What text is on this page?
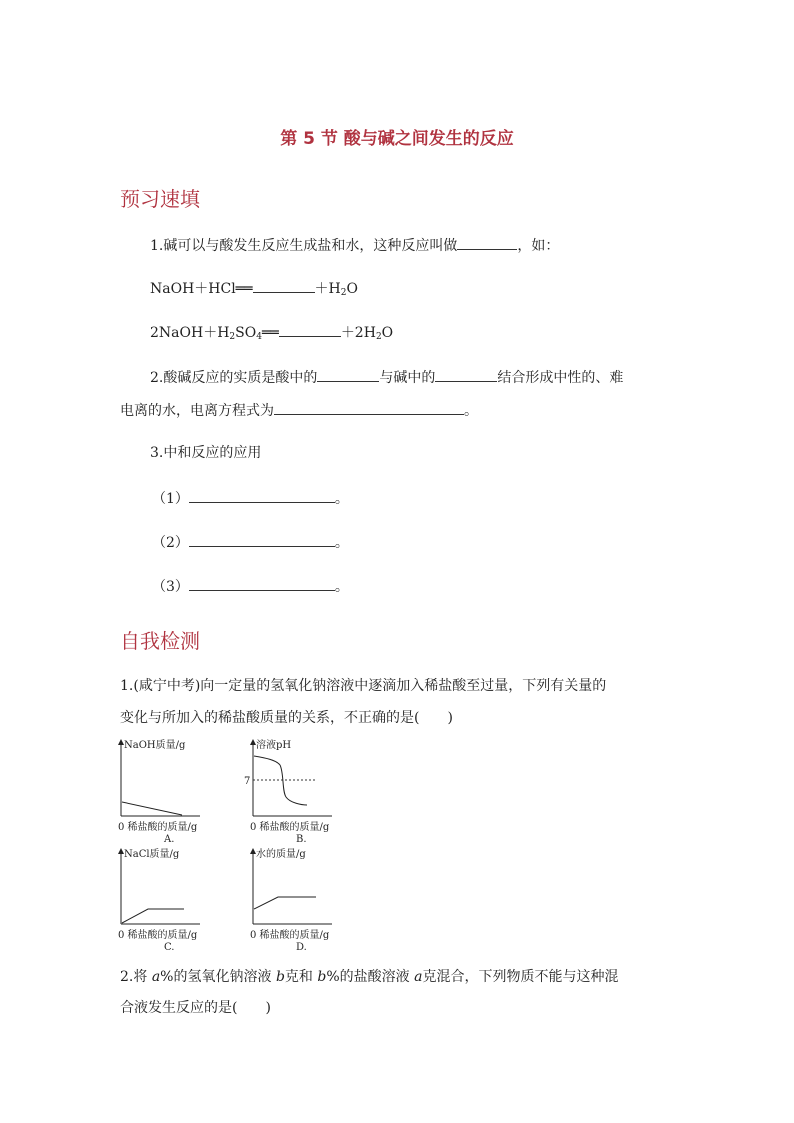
第 5 节 酸与碱之间发生的反应
预习速填
1.碱可以与酸发生反应生成盐和水，这种反应叫做	，如：
NaOH＋HCl══	$+H_2O$
$2NaOH+H_2SO_4══$	$+2H_2O$
2.酸碱反应的实质是酸中的	与碱中的	结合形成中性的、难
电离的水，电离方程式为	。
3.中和反应的应用
（1）	。
（2）	。
（3）	。
自我检测
1.(咸宁中考)向一定量的氢氧化钠溶液中逐滴加入稀盐酸至过量，下列有关量的
变化与所加入的稀盐酸质量的关系，不正确的是(　　)
NaOH质量/g
0 稀盐酸的质量/g
A.
7
溶液pH
0 稀盐酸的质量/g
B.
NaCl质量/g
0 稀盐酸的质量/g
C.
水的质量/g
0 稀盐酸的质量/g
D.
2.将 a%的氢氧化钠溶液 b克和 b%的盐酸溶液 a克混合，下列物质不能与这种混
合液发生反应的是(　　)
